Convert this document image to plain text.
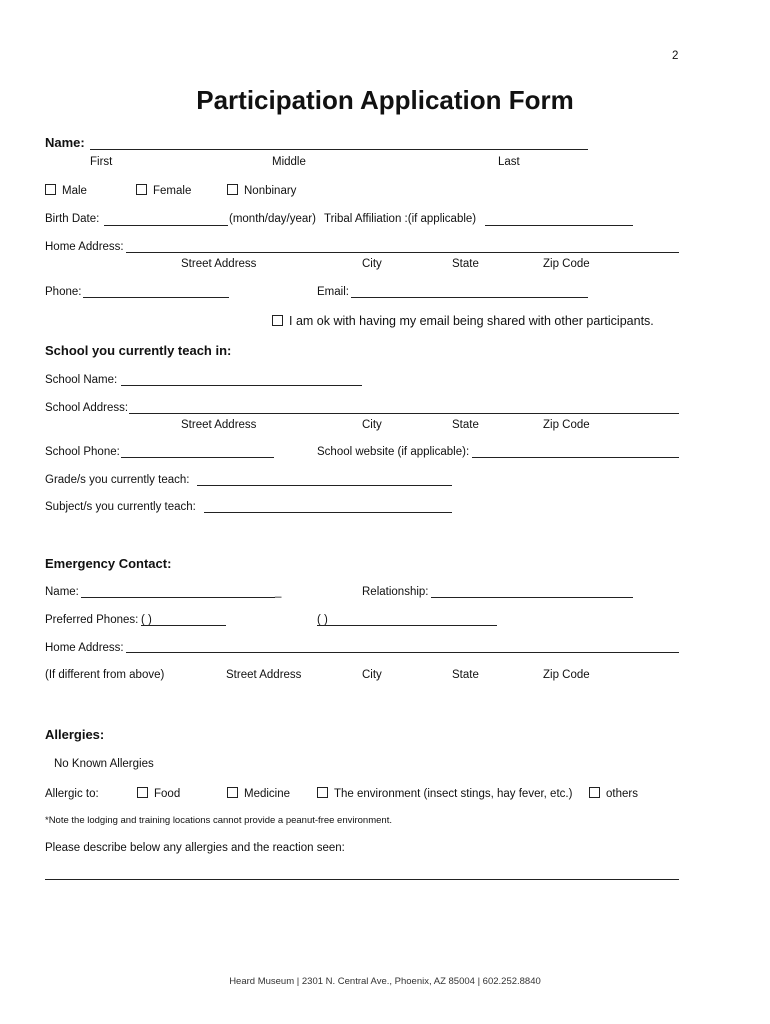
2
Participation Application Form
Name:
First	Middle	Last
Male	Female	Nonbinary
Birth Date:	(month/day/year) Tribal Affiliation :(if applicable)
Home Address:
Street Address	City	State	Zip Code
Phone:	Email:
I am ok with having my email being shared with other participants.
School you currently teach in:
School Name:
School Address:
Street Address	City	State	Zip Code
School Phone:	School website (if applicable):
Grade/s you currently teach:
Subject/s you currently teach:
Emergency Contact:
Name:	_	Relationship:
Preferred Phones: ( )	( )
Home Address:
(If different from above)	Street Address	City	State	Zip Code
Allergies:
No Known Allergies
Allergic to:	Food	Medicine	The environment (insect stings, hay fever, etc.)	others
*Note the lodging and training locations cannot provide a peanut-free environment.
Please describe below any allergies and the reaction seen:
Heard Museum | 2301 N. Central Ave., Phoenix, AZ 85004 | 602.252.8840
